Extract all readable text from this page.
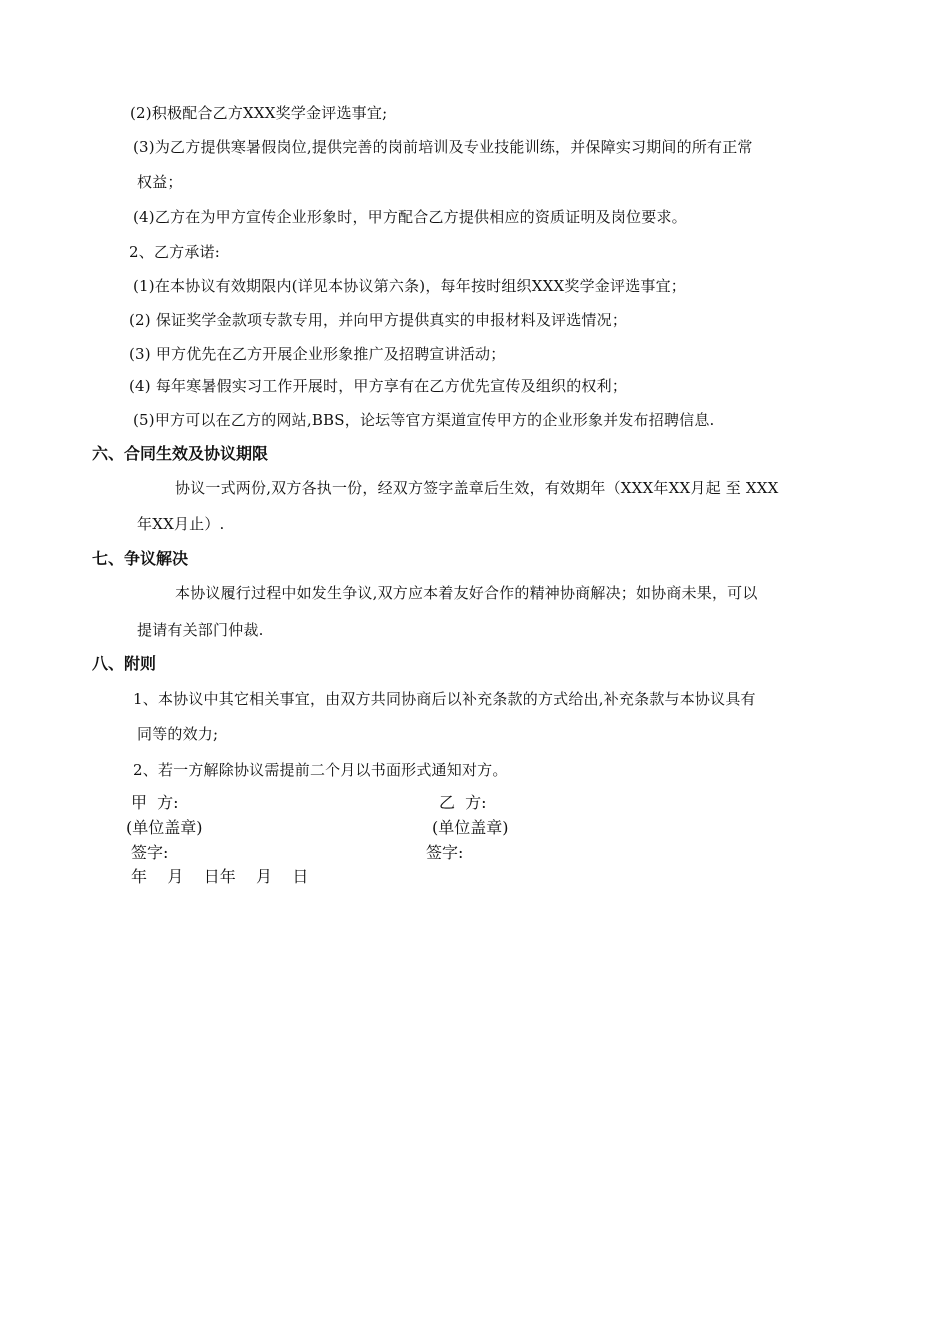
(2)积极配合乙方XXX奖学金评选事宜;
(3)为乙方提供寒暑假岗位,提供完善的岗前培训及专业技能训练，并保障实习期间的所有正常
权益；
(4)乙方在为甲方宣传企业形象时，甲方配合乙方提供相应的资质证明及岗位要求。
2、乙方承诺:
(1)在本协议有效期限内(详见本协议第六条)，每年按时组织XXX奖学金评选事宜；
(2) 保证奖学金款项专款专用，并向甲方提供真实的申报材料及评选情况；
(3) 甲方优先在乙方开展企业形象推广及招聘宣讲活动；
(4) 每年寒暑假实习工作开展时，甲方享有在乙方优先宣传及组织的权利；
(5)甲方可以在乙方的网站,BBS，论坛等官方渠道宣传甲方的企业形象并发布招聘信息.
六、合同生效及协议期限
协议一式两份,双方各执一份，经双方签字盖章后生效，有效期年（XXX年XX月起 至 XXX
年XX月止）.
七、争议解决
本协议履行过程中如发生争议,双方应本着友好合作的精神协商解决；如协商未果，可以
提请有关部门仲裁.
八、附则
1、本协议中其它相关事宜，由双方共同协商后以补充条款的方式给出,补充条款与本协议具有
同等的效力;
2、若一方解除协议需提前二个月以书面形式通知对方。
甲  方:	乙  方:
(单位盖章)	(单位盖章)
签字:	签字:
年    月    日年    月    日
